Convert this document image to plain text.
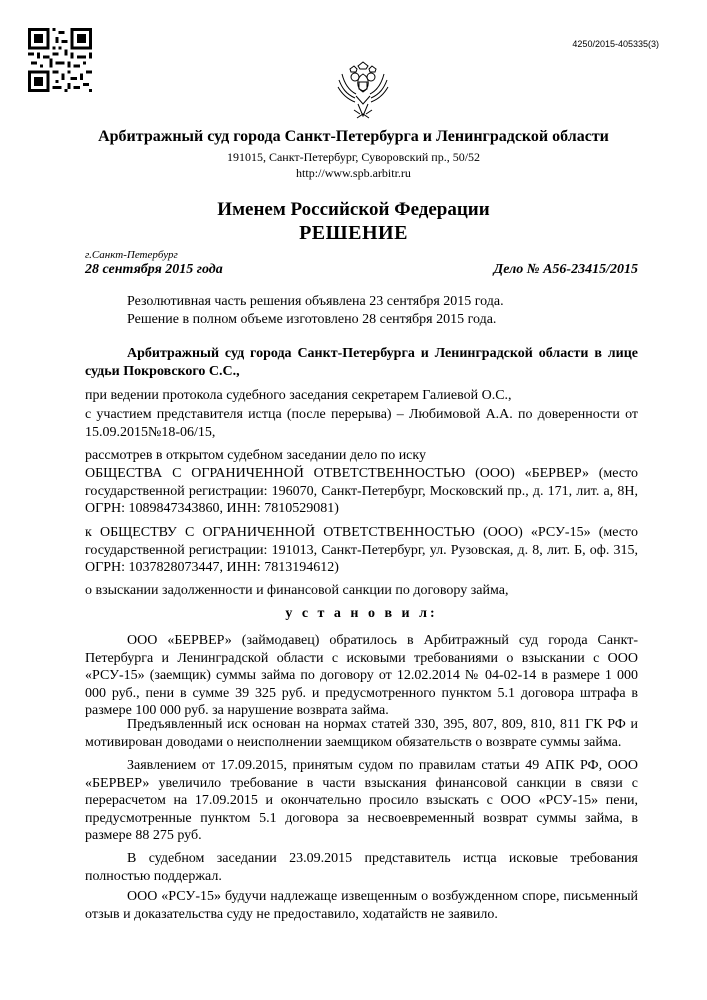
4250/2015-405335(3)
Арбитражный суд города Санкт-Петербурга и Ленинградской области
191015, Санкт-Петербург, Суворовский пр., 50/52
http://www.spb.arbitr.ru
Именем Российской Федерации
РЕШЕНИЕ
г.Санкт-Петербург
28 сентября 2015 года	Дело № А56-23415/2015
Резолютивная часть решения объявлена 23 сентября 2015 года.
Решение в полном объеме изготовлено 28 сентября 2015 года.
Арбитражный суд города Санкт-Петербурга и Ленинградской области в лице судьи Покровского С.С.,
при ведении протокола судебного заседания секретарем Галиевой О.С.,
с участием представителя истца (после перерыва) – Любимовой А.А. по доверенности от 15.09.2015№18-06/15,
рассмотрев в открытом судебном заседании дело по иску
ОБЩЕСТВА С ОГРАНИЧЕННОЙ ОТВЕТСТВЕННОСТЬЮ (ООО) «БЕРВЕР» (место государственной регистрации: 196070, Санкт-Петербург, Московский пр., д. 171, лит. а, 8Н, ОГРН: 1089847343860, ИНН: 7810529081)
к ОБЩЕСТВУ С ОГРАНИЧЕННОЙ ОТВЕТСТВЕННОСТЬЮ (ООО) «РСУ-15» (место государственной регистрации: 191013, Санкт-Петербург, ул. Рузовская, д. 8, лит. Б, оф. 315, ОГРН: 1037828073447, ИНН: 7813194612)
о взыскании задолженности и финансовой санкции по договору займа,
у с т а н о в и л:
ООО «БЕРВЕР» (займодавец) обратилось в Арбитражный суд города Санкт-Петербурга и Ленинградской области с исковыми требованиями о взыскании с ООО «РСУ-15» (заемщик) суммы займа по договору от 12.02.2014 № 04-02-14 в размере 1 000 000 руб., пени в сумме 39 325 руб. и предусмотренного пунктом 5.1 договора штрафа в размере 100 000 руб. за нарушение возврата займа.
Предъявленный иск основан на нормах статей 330, 395, 807, 809, 810, 811 ГК РФ и мотивирован доводами о неисполнении заемщиком обязательств о возврате суммы займа.
Заявлением от 17.09.2015, принятым судом по правилам статьи 49 АПК РФ, ООО «БЕРВЕР» увеличило требование в части взыскания финансовой санкции в связи с перерасчетом на 17.09.2015 и окончательно просило взыскать с ООО «РСУ-15» пени, предусмотренные пунктом 5.1 договора за несвоевременный возврат суммы займа, в размере 88 275 руб.
В судебном заседании 23.09.2015 представитель истца исковые требования полностью поддержал.
ООО «РСУ-15» будучи надлежаще извещенным о возбужденном споре, письменный отзыв и доказательства суду не предоставило, ходатайств не заявило.
